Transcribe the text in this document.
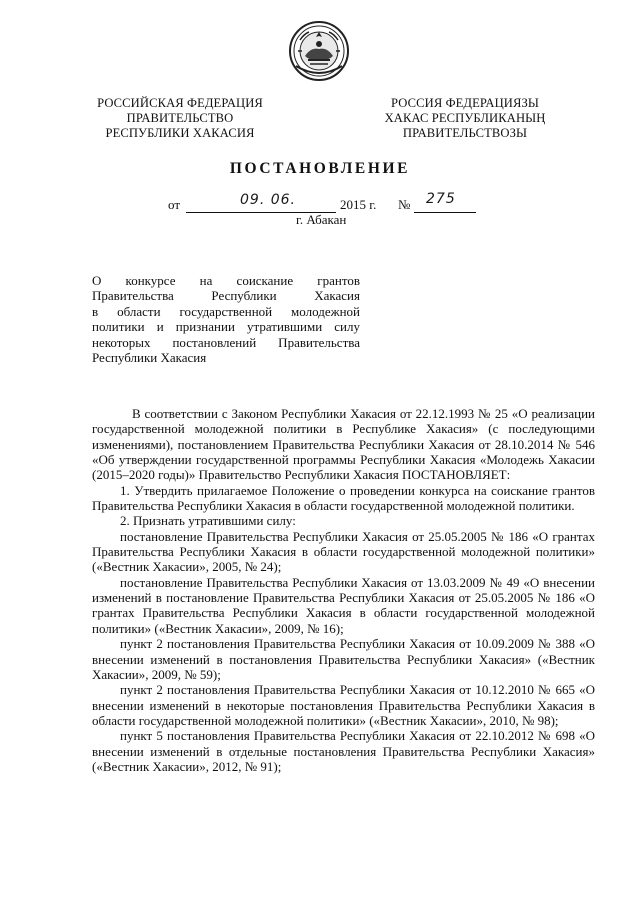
РОССИЙСКАЯ ФЕДЕРАЦИЯ
ПРАВИТЕЛЬСТВО
РЕСПУБЛИКИ ХАКАСИЯ
РОССИЯ ФЕДЕРАЦИЯЗЫ
ХАКАС РЕСПУБЛИКАНЫҢ
ПРАВИТЕЛЬСТВОЗЫ
ПОСТАНОВЛЕНИЕ
от	09. 06.	2015 г. № 275
г. Абакан
О конкурсе на соискание грантов
Правительства Республики Хакасия
в области государственной молодежной
политики и признании утратившими силу
некоторых постановлений Правительства
Республики Хакасия

В соответствии с Законом Республики Хакасия от 22.12.1993 № 25 «О реализации государственной молодежной политики в Республике Хакасия» (с последующими изменениями), постановлением Правительства Республики Хакасия от 28.10.2014 № 546 «Об утверждении государственной программы Республики Хакасия «Молодежь Хакасии (2015–2020 годы)» Правительство Республики Хакасия ПОСТАНОВЛЯЕТ:

1. Утвердить прилагаемое Положение о проведении конкурса на соискание грантов Правительства Республики Хакасия в области государственной молодежной политики.

2. Признать утратившими силу:

постановление Правительства Республики Хакасия от 25.05.2005 № 186 «О грантах Правительства Республики Хакасия в области государственной молодежной политики» («Вестник Хакасии», 2005, № 24);

постановление Правительства Республики Хакасия от 13.03.2009 № 49 «О внесении изменений в постановление Правительства Республики Хакасия от 25.05.2005 № 186 «О грантах Правительства Республики Хакасия в области государственной молодежной политики» («Вестник Хакасии», 2009, № 16);

пункт 2 постановления Правительства Республики Хакасия от 10.09.2009 № 388 «О внесении изменений в постановления Правительства Республики Хакасия» («Вестник Хакасии», 2009, № 59);

пункт 2 постановления Правительства Республики Хакасия от 10.12.2010 № 665 «О внесении изменений в некоторые постановления Правительства Республики Хакасия в области государственной молодежной политики» («Вестник Хакасии», 2010, № 98);

пункт 5 постановления Правительства Республики Хакасия от 22.10.2012 № 698 «О внесении изменений в отдельные постановления Правительства Республики Хакасия» («Вестник Хакасии», 2012, № 91);
